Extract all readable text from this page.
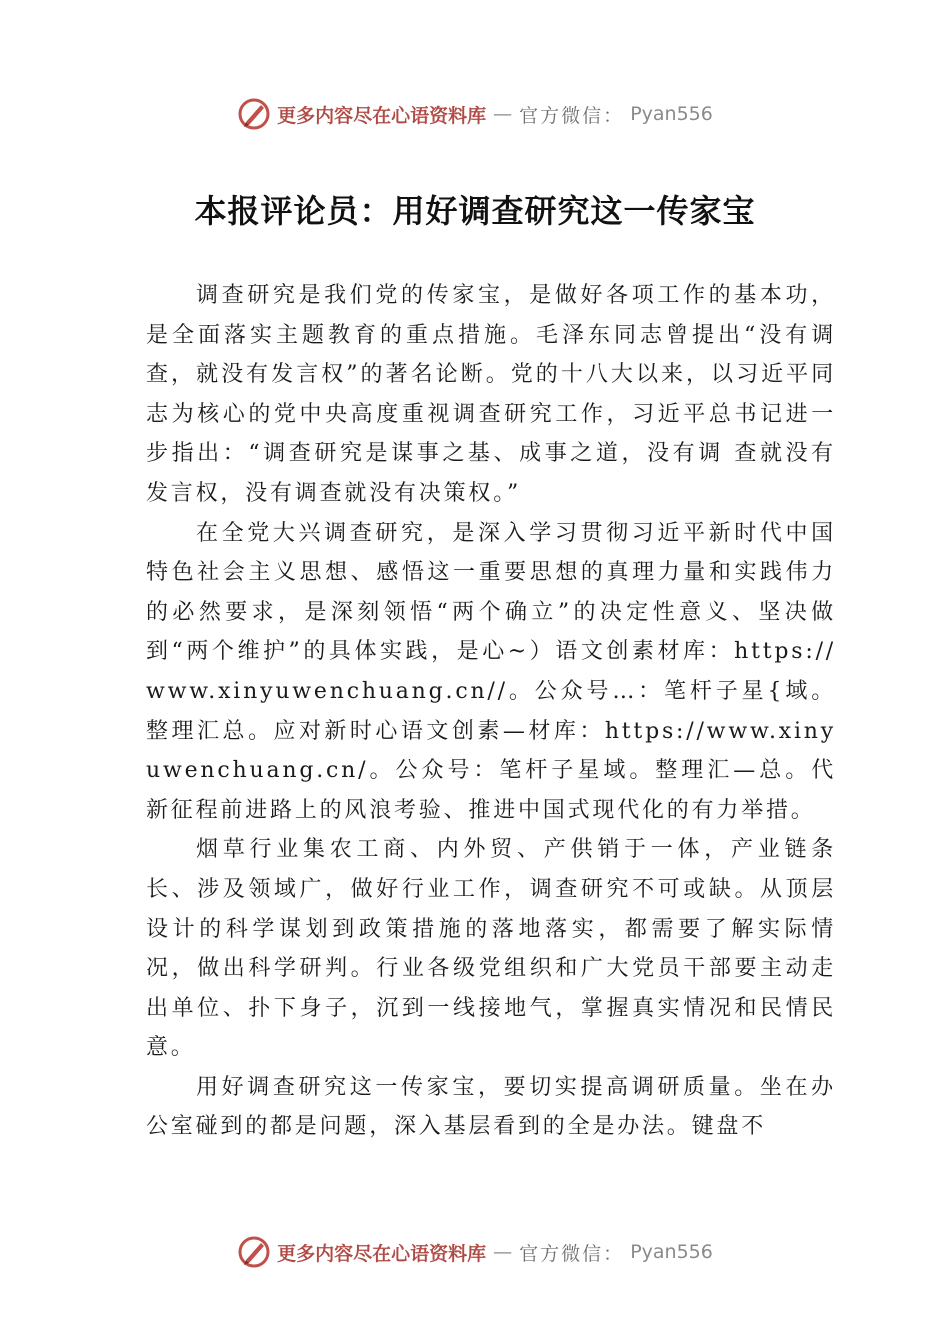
更多内容尽在心语资料库 — 官方微信： Pyan556
本报评论员：用好调查研究这一传家宝

调查研究是我们党的传家宝，是做好各项工作的基本功，是全面落实主题教育的重点措施。毛泽东同志曾提出“没有调查，就没有发言权”的著名论断。党的十八大以来，以习近平同志为核心的党中央高度重视调查研究工作，习近平总书记进一步指出：“调查研究是谋事之基、成事之道，没有调 查就没有发言权，没有调查就没有决策权。”

在全党大兴调查研究，是深入学习贯彻习近平新时代中国特色社会主义思想、感悟这一重要思想的真理力量和实践伟力的必然要求，是深刻领悟“两个确立”的决定性意义、坚决做到“两个维护”的具体实践，是心~）语文创素材库：https://www.xinyuwenchuang.cn//。公众号…：笔杆子星{域。整理汇总。应对新时心语文创素—材库：https://www.xinyuwenchuang.cn/。公众号：笔杆子星域。整理汇—总。代新征程前进路上的风浪考验、推进中国式现代化的有力举措。

烟草行业集农工商、内外贸、产供销于一体，产业链条长、涉及领域广，做好行业工作，调查研究不可或缺。从顶层设计的科学谋划到政策措施的落地落实，都需要了解实际情况，做出科学研判。行业各级党组织和广大党员干部要主动走出单位、扑下身子，沉到一线接地气，掌握真实情况和民情民意。

用好调查研究这一传家宝，要切实提高调研质量。坐在办公室碰到的都是问题，深入基层看到的全是办法。键盘不

更多内容尽在心语资料库 — 官方微信： Pyan556
